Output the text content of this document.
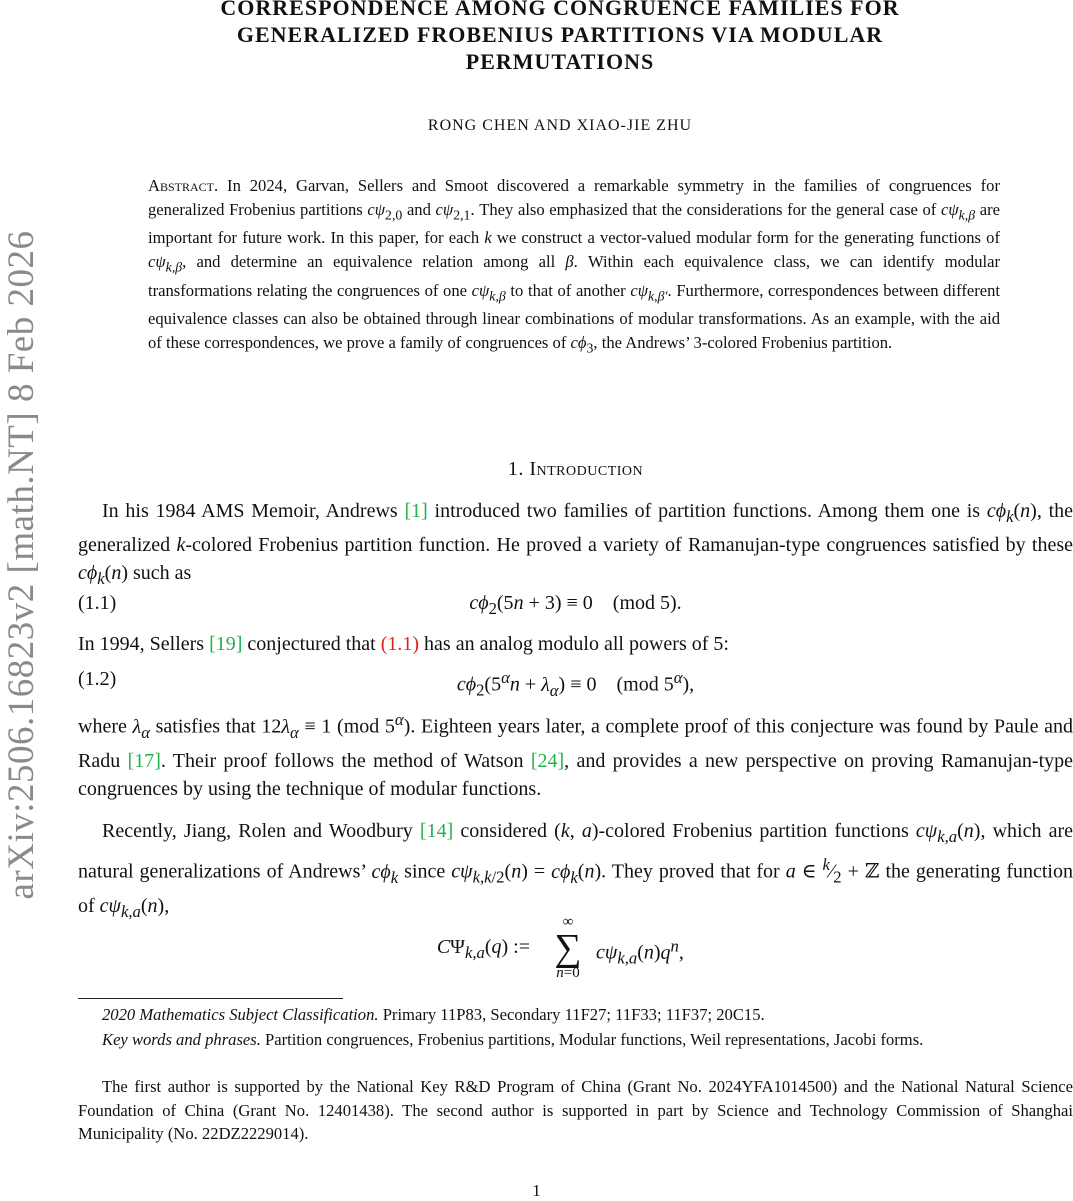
arXiv:2506.16823v2 [math.NT] 8 Feb 2026
CORRESPONDENCE AMONG CONGRUENCE FAMILIES FOR
GENERALIZED FROBENIUS PARTITIONS VIA MODULAR
PERMUTATIONS
RONG CHEN AND XIAO-JIE ZHU
Abstract. In 2024, Garvan, Sellers and Smoot discovered a remarkable symmetry in the families of congruences for generalized Frobenius partitions $c\psi_{2,0}$ and $c\psi_{2,1}$. They also emphasized that the considerations for the general case of $c\psi_{k,\beta}$ are important for future work. In this paper, for each k we construct a vector-valued modular form for the generating functions of $c\psi_{k,\beta}$, and determine an equivalence relation among all β. Within each equivalence class, we can identify modular transformations relating the congruences of one $c\psi_{k,\beta}$ to that of another $c\psi_{k,\beta'}$. Furthermore, correspondences between different equivalence classes can also be obtained through linear combinations of modular transformations. As an example, with the aid of these correspondences, we prove a family of congruences of $c\phi_3$, the Andrews’ 3-colored Frobenius partition.
1. Introduction
In his 1984 AMS Memoir, Andrews [1] introduced two families of partition functions. Among them one is $c\phi_k(n)$, the generalized k-colored Frobenius partition function. He proved a variety of Ramanujan-type congruences satisfied by these $c\phi_k(n)$ such as
(1.1)	$c\phi_2(5n + 3) \equiv 0$    (mod 5).
In 1994, Sellers [19] conjectured that (1.1) has an analog modulo all powers of 5:
(1.2)	$c\phi_2(5^\alpha n + \lambda_\alpha) \equiv 0$    (mod $5^\alpha$),
where $\lambda_\alpha$ satisfies that $12\lambda_\alpha \equiv 1$ (mod $5^\alpha$). Eighteen years later, a complete proof of this conjecture was found by Paule and Radu [17]. Their proof follows the method of Watson [24], and provides a new perspective on proving Ramanujan-type congruences by using the technique of modular functions.
Recently, Jiang, Rolen and Woodbury [14] considered (k, a)-colored Frobenius partition functions $c\psi_{k,a}(n)$, which are natural generalizations of Andrews’ $c\phi_k$ since $c\psi_{k,k/2}(n) = c\phi_k(n)$. They proved that for a ∈ $^k⁄_2$ + ℤ the generating function of $c\psi_{k,a}(n)$,
$C\Psi_{k,a}(q)$ :=
∞
∑
n=0
$c\psi_{k,a}(n)q^n$,
2020 Mathematics Subject Classification. Primary 11P83, Secondary 11F27; 11F33; 11F37; 20C15.
Key words and phrases. Partition congruences, Frobenius partitions, Modular functions, Weil representations, Jacobi forms.
The first author is supported by the National Key R&D Program of China (Grant No. 2024YFA1014500) and the National Natural Science Foundation of China (Grant No. 12401438). The second author is supported in part by Science and Technology Commission of Shanghai Municipality (No. 22DZ2229014).
1
